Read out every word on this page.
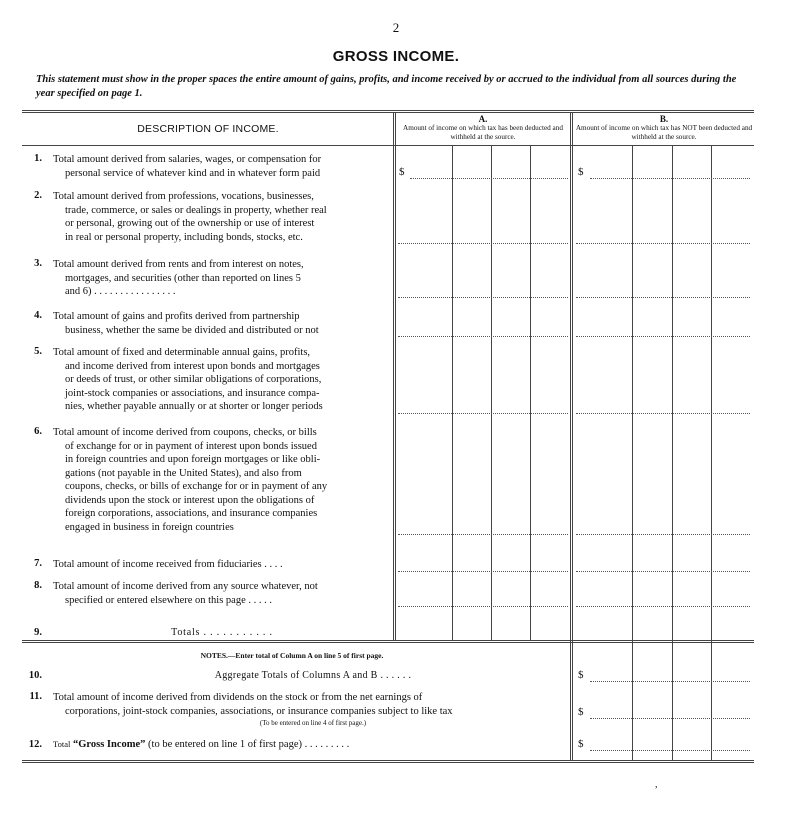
2
GROSS INCOME.
This statement must show in the proper spaces the entire amount of gains, profits, and income received by or accrued to the individual from all sources during the year specified on page 1.
DESCRIPTION OF INCOME.
A.
Amount of income on which tax has been deducted and withheld at the source.
B.
Amount of income on which tax has NOT been deducted and withheld at the source.
1. Total amount derived from salaries, wages, or compensation for
personal service of whatever kind and in whatever form paid	$	$
2. Total amount derived from professions, vocations, businesses,
trade, commerce, or sales or dealings in property, whether real
or personal, growing out of the ownership or use of interest
in real or personal property, including bonds, stocks, etc.
3. Total amount derived from rents and from interest on notes,
mortgages, and securities (other than reported on lines 5
and 6) . . . . . . . . . . . . . . . .
4. Total amount of gains and profits derived from partnership
business, whether the same be divided and distributed or not
5. Total amount of fixed and determinable annual gains, profits,
and income derived from interest upon bonds and mortgages
or deeds of trust, or other similar obligations of corporations,
joint-stock companies or associations, and insurance compa-
nies, whether payable annually or at shorter or longer periods
6. Total amount of income derived from coupons, checks, or bills
of exchange for or in payment of interest upon bonds issued
in foreign countries and upon foreign mortgages or like obli-
gations (not payable in the United States), and also from
coupons, checks, or bills of exchange for or in payment of any
dividends upon the stock or interest upon the obligations of
foreign corporations, associations, and insurance companies
engaged in business in foreign countries
7. Total amount of income received from fiduciaries . . . .
8. Total amount of income derived from any source whatever, not
specified or entered elsewhere on this page . . . . .
9.	Totals . . . . . . . . . . .
NOTES.—Enter total of Column A on line 5 of first page.
10.	Aggregate Totals of Columns A and B . . . . . .	$
11. Total amount of income derived from dividends on the stock or from the net earnings of
corporations, joint-stock companies, associations, or insurance companies subject to like tax
(To be entered on line 4 of first page.)
$
12. Total “Gross Income” (to be entered on line 1 of first page) . . . . . . . . .	$
,
